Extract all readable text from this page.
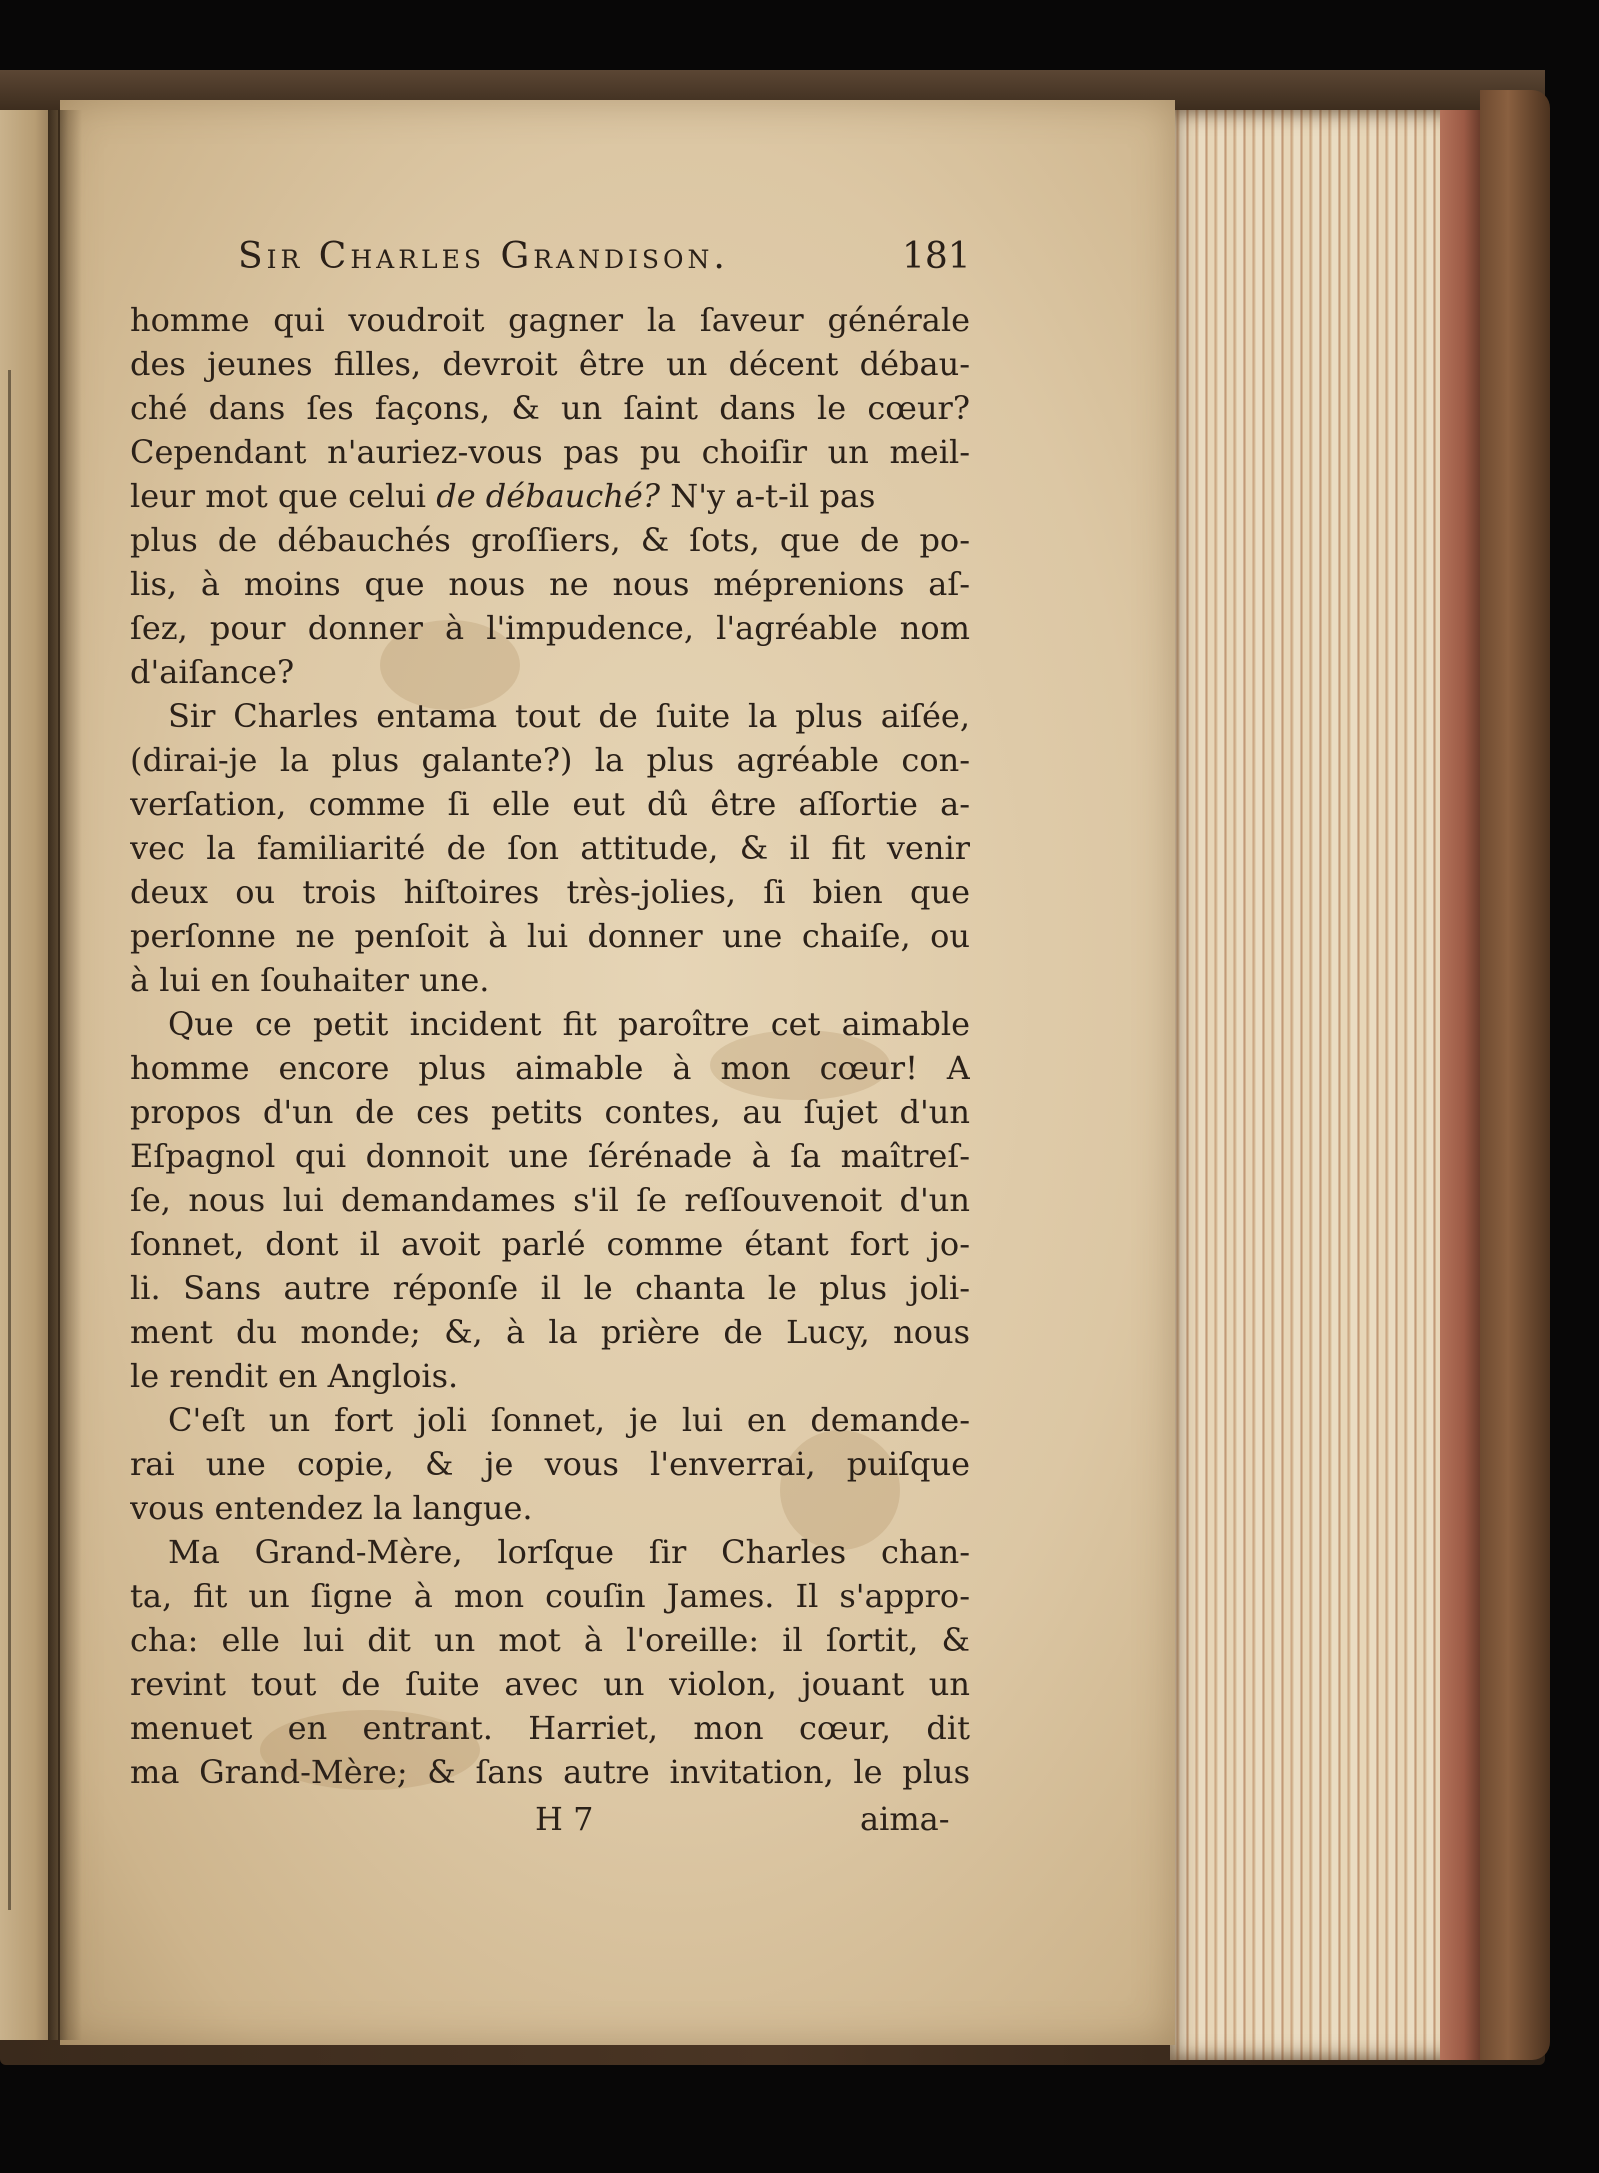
Sir Charles Grandison.	181
homme qui voudroit gagner la ſaveur générale
des jeunes filles, devroit être un décent débau-
ché dans ſes façons, & un ſaint dans le cœur?
Cependant n'auriez-vous pas pu choiſir un meil-
leur mot que celui de débauché? N'y a-t-il pas
plus de débauchés groſſiers, & ſots, que de po-
lis, à moins que nous ne nous méprenions aſ-
ſez, pour donner à l'impudence, l'agréable nom
d'aiſance?
Sir Charles entama tout de ſuite la plus aiſée,
(dirai-je la plus galante?) la plus agréable con-
verſation, comme ſi elle eut dû être aſſortie a-
vec la familiarité de ſon attitude, & il fit venir
deux ou trois hiſtoires très-jolies, ſi bien que
perſonne ne penſoit à lui donner une chaiſe, ou
à lui en ſouhaiter une.
Que ce petit incident fit paroître cet aimable
homme encore plus aimable à mon cœur! A
propos d'un de ces petits contes, au ſujet d'un
Eſpagnol qui donnoit une ſérénade à ſa maîtreſ-
ſe, nous lui demandames s'il ſe reſſouvenoit d'un
ſonnet, dont il avoit parlé comme étant fort jo-
li. Sans autre réponſe il le chanta le plus joli-
ment du monde; &, à la prière de Lucy, nous
le rendit en Anglois.
C'eſt un fort joli ſonnet, je lui en demande-
rai une copie, & je vous l'enverrai, puiſque
vous entendez la langue.
Ma Grand-Mère, lorſque ſir Charles chan-
ta, fit un ſigne à mon couſin James. Il s'appro-
cha: elle lui dit un mot à l'oreille: il ſortit, &
revint tout de ſuite avec un violon, jouant un
menuet en entrant. Harriet, mon cœur, dit
ma Grand-Mère; & ſans autre invitation, le plus
H 7	aima-
